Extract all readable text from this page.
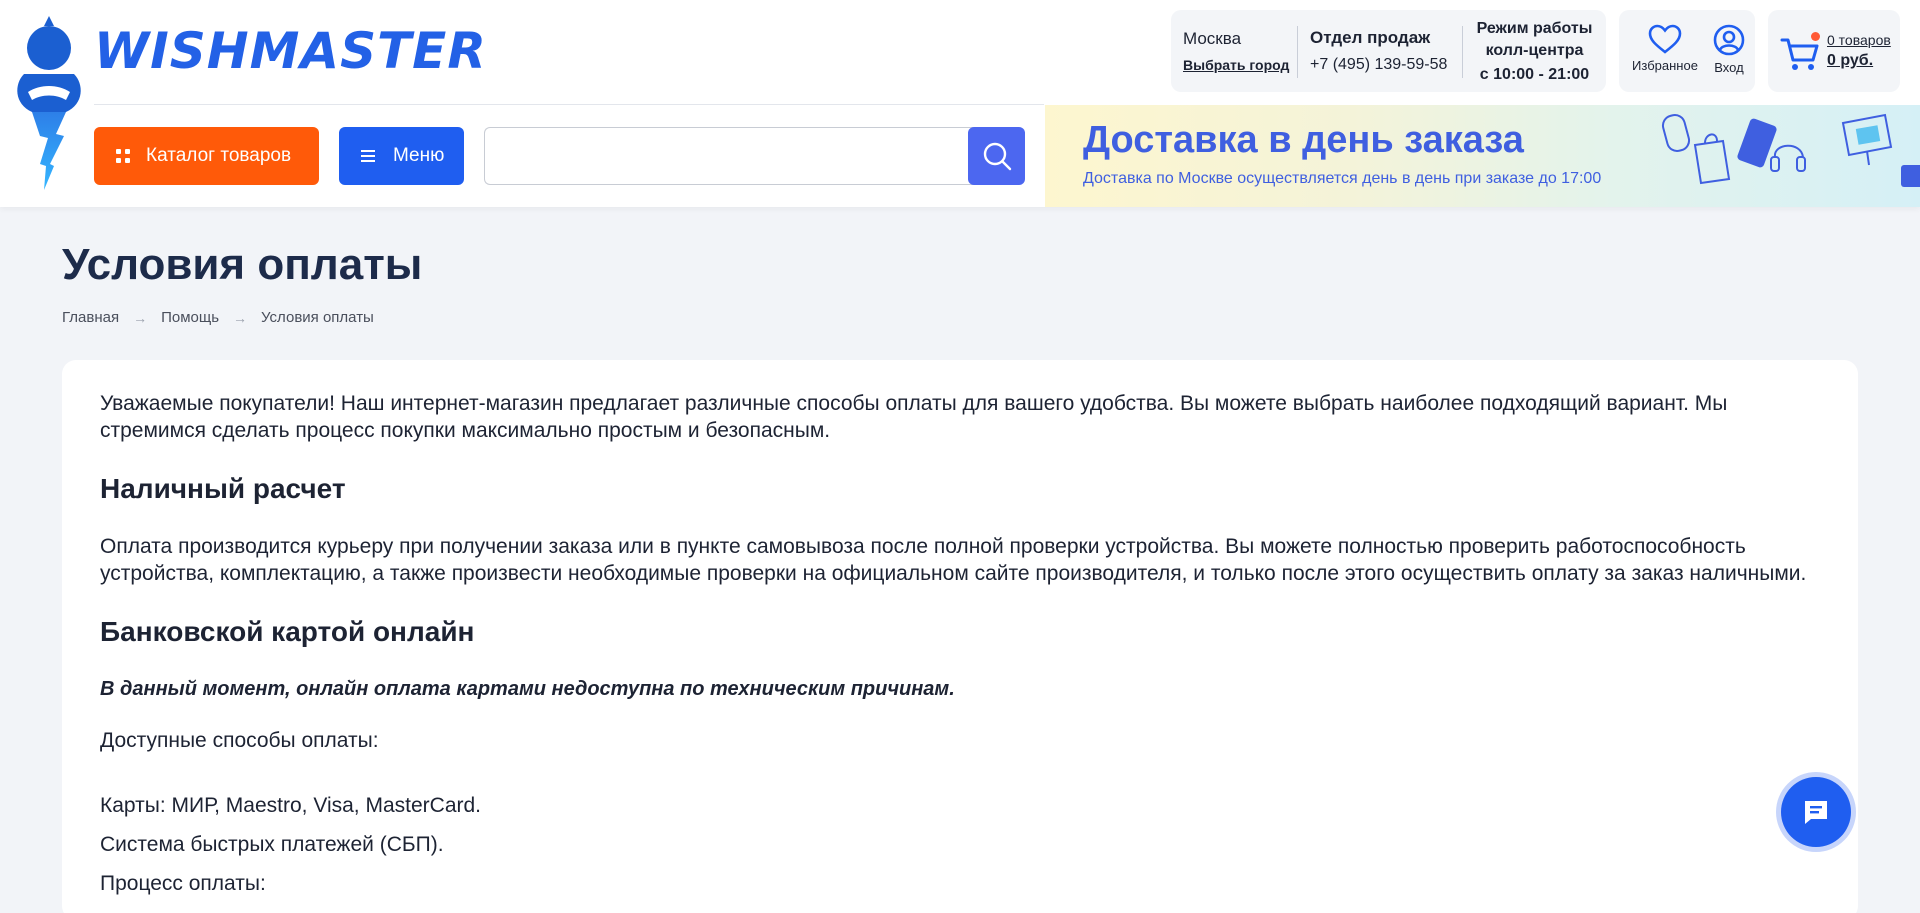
WISHMASTER	Москва
Выбрать город
Отдел продаж
+7 (495) 139-59-58
Режим работы
колл-центра
с 10:00 - 21:00
Избранное Вход
0 товаров
0 руб.
Каталог товаров	Меню	Доставка в день заказа
Доставка по Москве осуществляется день в день при заказе до 17:00
Условия оплаты
Главная → Помощь → Условия оплаты

Уважаемые покупатели! Наш интернет-магазин предлагает различные способы оплаты для вашего удобства. Вы можете выбрать наиболее подходящий вариант. Мы стремимся сделать процесс покупки максимально простым и безопасным.

Наличный расчет

Оплата производится курьеру при получении заказа или в пункте самовывоза после полной проверки устройства. Вы можете полностью проверить работоспособность устройства, комплектацию, а также произвести необходимые проверки на официальном сайте производителя, и только после этого осуществить оплату за заказ наличными.

Банковской картой онлайн

В данный момент, онлайн оплата картами недоступна по техническим причинам.

Доступные способы оплаты:

Карты: МИР, Maestro, Visa, MasterCard.

Система быстрых платежей (СБП).

Процесс оплаты:
